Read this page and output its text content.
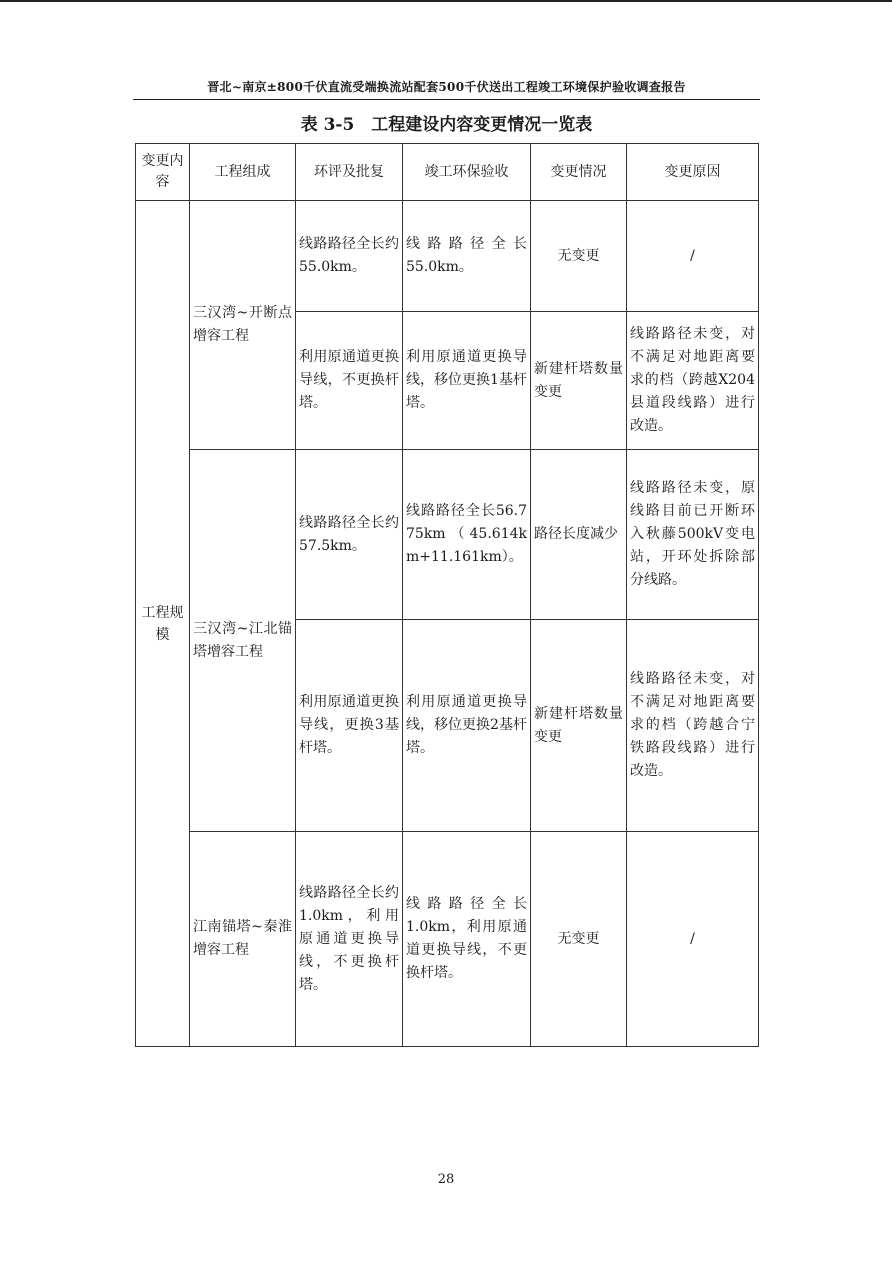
晋北~南京±800千伏直流受端换流站配套500千伏送出工程竣工环境保护验收调查报告
表 3-5　工程建设内容变更情况一览表
变更内容	工程组成	环评及批复	竣工环保验收	变更情况	变更原因
工程规模	三汉湾~开断点增容工程	线路路径全长约55.0km。	线路路径全长55.0km。	无变更	/
		利用原通道更换导线，不更换杆塔。	利用原通道更换导线，移位更换1基杆塔。	新建杆塔数量变更	线路路径未变，对不满足对地距离要求的档（跨越X204县道段线路）进行改造。
	三汉湾~江北锚塔增容工程	线路路径全长约57.5km。	线路路径全长56.775km（45.614km+11.161km）。	路径长度减少	线路路径未变，原线路目前已开断环入秋藤500kV变电站，开环处拆除部分线路。
		利用原通道更换导线，更换3基杆塔。	利用原通道更换导线，移位更换2基杆塔。	新建杆塔数量变更	线路路径未变，对不满足对地距离要求的档（跨越合宁铁路段线路）进行改造。
	江南锚塔~秦淮增容工程	线路路径全长约1.0km，利用原通道更换导线，不更换杆塔。	线路路径全长1.0km，利用原通道更换导线，不更换杆塔。	无变更	/
28
